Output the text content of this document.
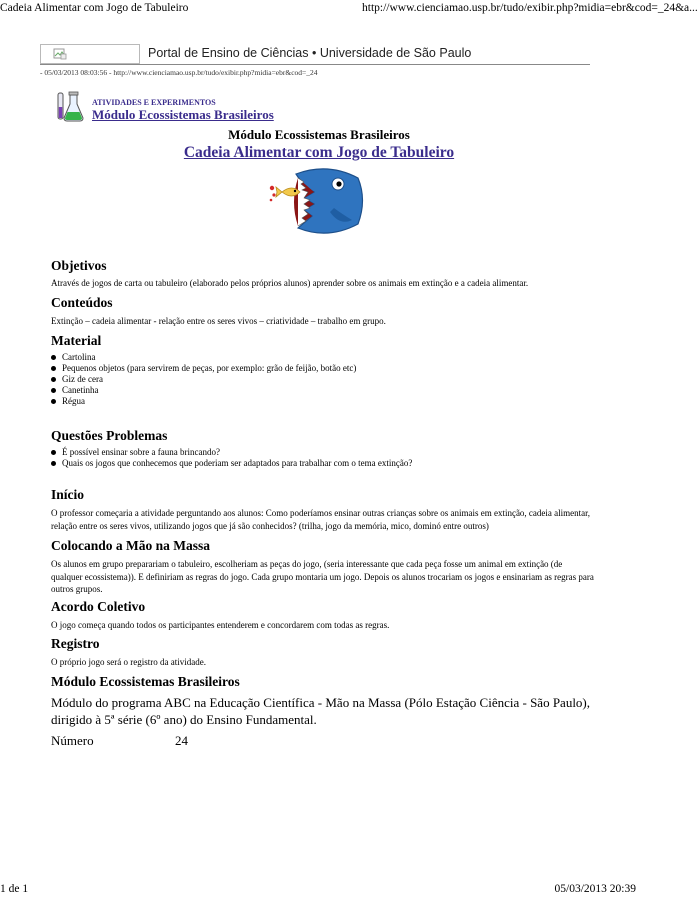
Cadeia Alimentar com Jogo de Tabuleiro	http://www.cienciamao.usp.br/tudo/exibir.php?midia=ebr&cod=_24&a...
Portal de Ensino de Ciências • Universidade de São Paulo
- 05/03/2013 08:03:56 - http://www.cienciamao.usp.br/tudo/exibir.php?midia=ebr&cod=_24
ATIVIDADES E EXPERIMENTOS
Módulo Ecossistemas Brasileiros
Módulo Ecossistemas Brasileiros
Cadeia Alimentar com Jogo de Tabuleiro
Objetivos

Através de jogos de carta ou tabuleiro (elaborado pelos próprios alunos) aprender sobre os animais em extinção e a cadeia alimentar.

Conteúdos

Extinção – cadeia alimentar - relação entre os seres vivos – criatividade – trabalho em grupo.

Material
Cartolina
Pequenos objetos (para servirem de peças, por exemplo: grão de feijão, botão etc)
Giz de cera
Canetinha
Régua
Questões Problemas
É possível ensinar sobre a fauna brincando?
Quais os jogos que conhecemos que poderiam ser adaptados para trabalhar com o tema extinção?
Início

O professor começaria a atividade perguntando aos alunos: Como poderíamos ensinar outras crianças sobre os animais em extinção, cadeia alimentar, relação entre os seres vivos, utilizando jogos que já são conhecidos? (trilha, jogo da memória, mico, dominó entre outros)

Colocando a Mão na Massa

Os alunos em grupo preparariam o tabuleiro, escolheriam as peças do jogo, (seria interessante que cada peça fosse um animal em extinção (de qualquer ecossistema)). E definiriam as regras do jogo. Cada grupo montaria um jogo. Depois os alunos trocariam os jogos e ensinariam as regras para outros grupos.

Acordo Coletivo

O jogo começa quando todos os participantes entenderem e concordarem com todas as regras.

Registro

O próprio jogo será o registro da atividade.

Módulo Ecossistemas Brasileiros

Módulo do programa ABC na Educação Científica - Mão na Massa (Pólo Estação Ciência - São Paulo), dirigido à 5ª série (6º ano) do Ensino Fundamental.

Número	24
1 de 1	05/03/2013 20:39
